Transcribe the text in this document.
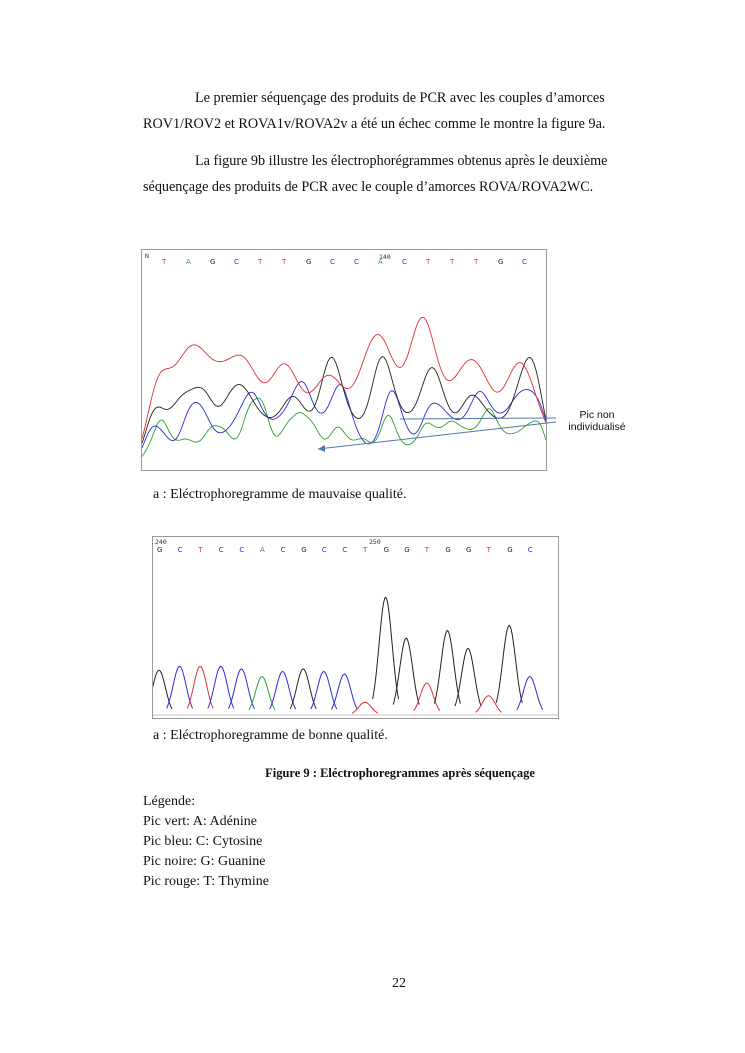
Le premier séquençage des produits de PCR avec les couples d’amorces
ROV1/ROV2 et ROVA1v/ROVA2v a été un échec comme le montre la figure 9a.

La figure 9b illustre les électrophorégrammes obtenus après le deuxième
séquençage des produits de PCR avec le couple d’amorces ROVA/ROVA2WC.

N	140
T	A	G	C	T	T	G	C	C	A	C	T	T	T	G	C
Pic non individualisé

a : Eléctrophoregramme de mauvaise qualité.

240	250
G C T C C A C G C C T G G T G G T G C

a : Eléctrophoregramme de bonne qualité.

Figure 9 : Eléctrophoregrammes après séquençage
Légende:
Pic vert: A: Adénine
Pic bleu: C: Cytosine
Pic noire: G: Guanine
Pic rouge: T: Thymine
22
